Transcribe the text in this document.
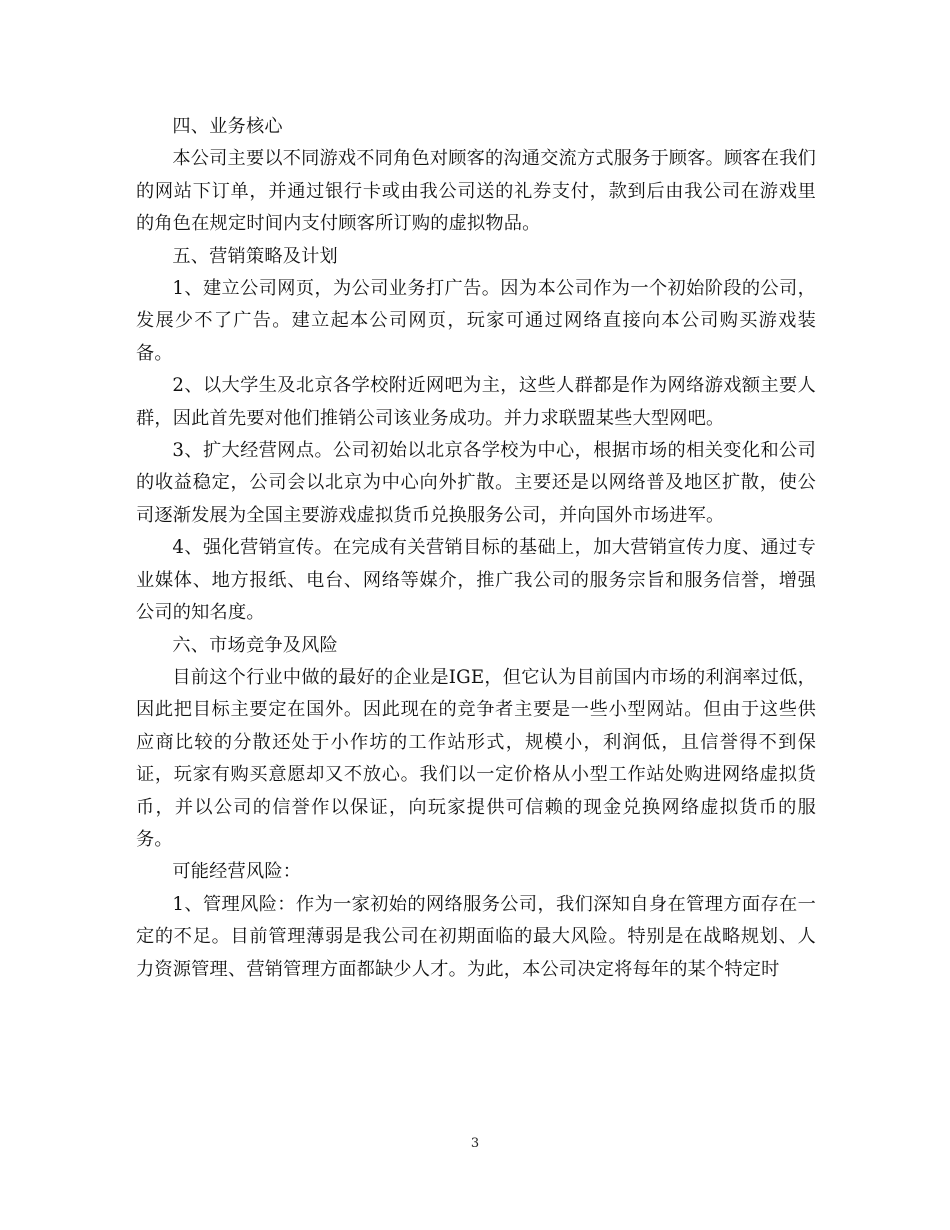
四、业务核心

本公司主要以不同游戏不同角色对顾客的沟通交流方式服务于顾客。顾客在我们的网站下订单，并通过银行卡或由我公司送的礼券支付，款到后由我公司在游戏里的角色在规定时间内支付顾客所订购的虚拟物品。

五、营销策略及计划

1、建立公司网页，为公司业务打广告。因为本公司作为一个初始阶段的公司，发展少不了广告。建立起本公司网页，玩家可通过网络直接向本公司购买游戏装备。

2、以大学生及北京各学校附近网吧为主，这些人群都是作为网络游戏额主要人群，因此首先要对他们推销公司该业务成功。并力求联盟某些大型网吧。

3、扩大经营网点。公司初始以北京各学校为中心，根据市场的相关变化和公司的收益稳定，公司会以北京为中心向外扩散。主要还是以网络普及地区扩散，使公司逐渐发展为全国主要游戏虚拟货币兑换服务公司，并向国外市场进军。

4、强化营销宣传。在完成有关营销目标的基础上，加大营销宣传力度、通过专业媒体、地方报纸、电台、网络等媒介，推广我公司的服务宗旨和服务信誉，增强公司的知名度。

六、市场竞争及风险

目前这个行业中做的最好的企业是IGE，但它认为目前国内市场的利润率过低，因此把目标主要定在国外。因此现在的竞争者主要是一些小型网站。但由于这些供应商比较的分散还处于小作坊的工作站形式，规模小，利润低，且信誉得不到保证，玩家有购买意愿却又不放心。我们以一定价格从小型工作站处购进网络虚拟货币，并以公司的信誉作以保证，向玩家提供可信赖的现金兑换网络虚拟货币的服务。

可能经营风险：

1、管理风险：作为一家初始的网络服务公司，我们深知自身在管理方面存在一定的不足。目前管理薄弱是我公司在初期面临的最大风险。特别是在战略规划、人力资源管理、营销管理方面都缺少人才。为此，本公司决定将每年的某个特定时

3
